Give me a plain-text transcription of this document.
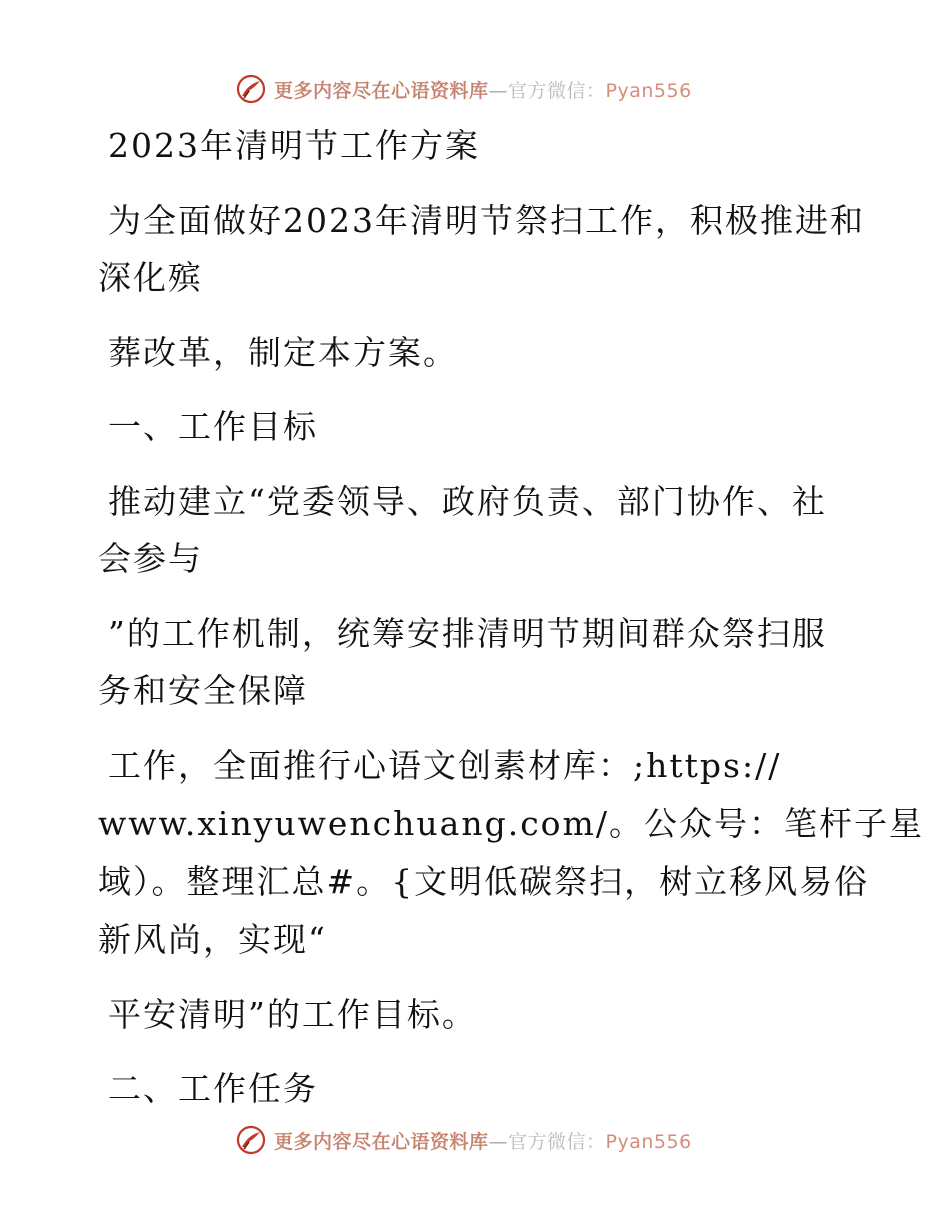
更多内容尽在心语资料库—官方微信：Pyan556
2023年清明节工作方案
为全面做好2023年清明节祭扫工作，积极推进和
深化殡
葬改革，制定本方案。
一、工作目标
推动建立“党委领导、政府负责、部门协作、社
会参与
”的工作机制，统筹安排清明节期间群众祭扫服
务和安全保障
工作，全面推行心语文创素材库：;https://
www.xinyuwenchuang.com/。公众号：笔杆子星
域）。整理汇总#。{文明低碳祭扫，树立移风易俗
新风尚，实现“
平安清明”的工作目标。
二、工作任务
更多内容尽在心语资料库—官方微信：Pyan556
